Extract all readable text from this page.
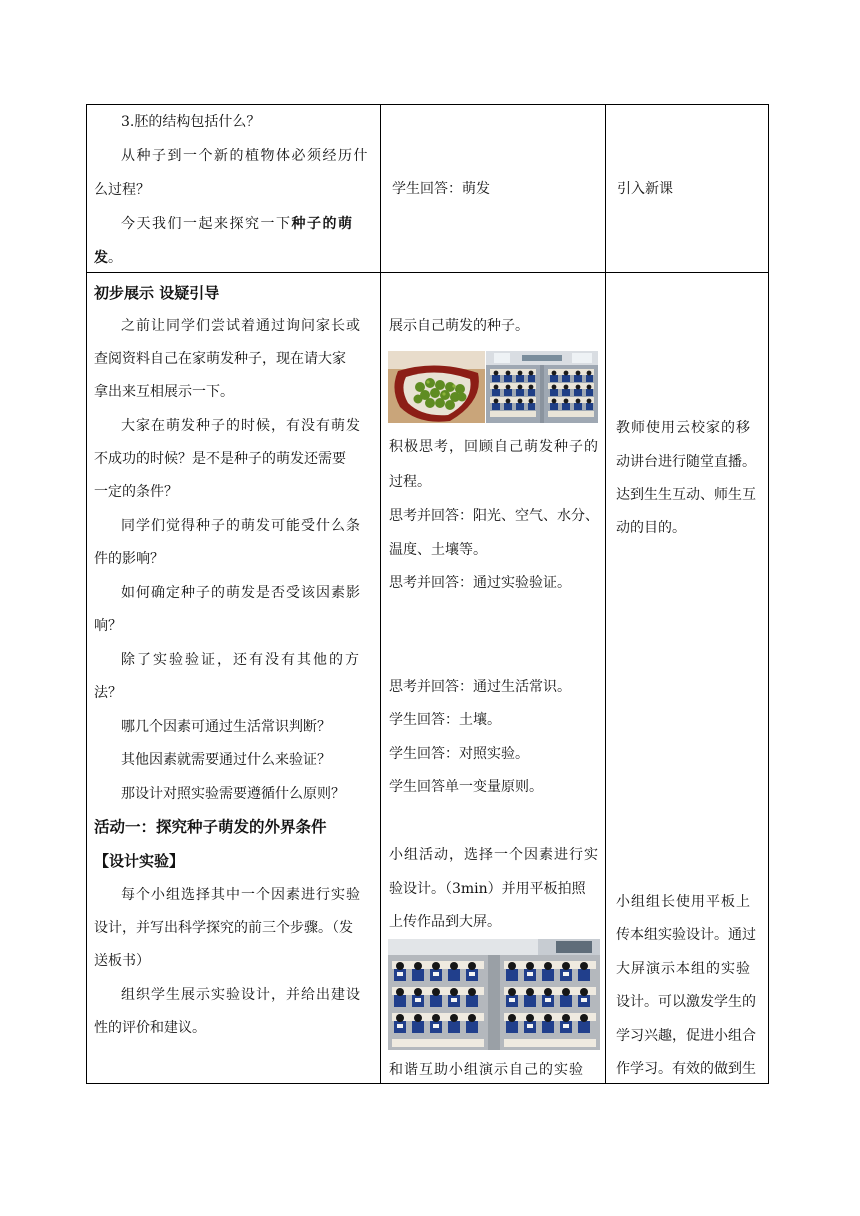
3.胚的结构包括什么？
从种子到一个新的植物体必须经历什
么过程？
今天我们一起来探究一下种子的萌
发。
学生回答：萌发	引入新课
初步展示 设疑引导
之前让同学们尝试着通过询问家长或
查阅资料自己在家萌发种子，现在请大家
拿出来互相展示一下。
大家在萌发种子的时候，有没有萌发
不成功的时候？是不是种子的萌发还需要
一定的条件？
同学们觉得种子的萌发可能受什么条
件的影响？
如何确定种子的萌发是否受该因素影
响？
除了实验验证，还有没有其他的方
法？
哪几个因素可通过生活常识判断？
其他因素就需要通过什么来验证？
那设计对照实验需要遵循什么原则？
活动一：探究种子萌发的外界条件
【设计实验】
每个小组选择其中一个因素进行实验
设计，并写出科学探究的前三个步骤。（发
送板书）
组织学生展示实验设计，并给出建设
性的评价和建议。
展示自己萌发的种子。
积极思考，回顾自己萌发种子的
过程。
思考并回答：阳光、空气、水分、
温度、土壤等。
思考并回答：通过实验验证。
思考并回答：通过生活常识。
学生回答：土壤。
学生回答：对照实验。
学生回答单一变量原则。
小组活动，选择一个因素进行实
验设计。（3min）并用平板拍照
上传作品到大屏。
和谐互助小组演示自己的实验
教师使用云校家的移
动讲台进行随堂直播。
达到生生互动、师生互
动的目的。
小组组长使用平板上
传本组实验设计。通过
大屏演示本组的实验
设计。可以激发学生的
学习兴趣，促进小组合
作学习。有效的做到生
